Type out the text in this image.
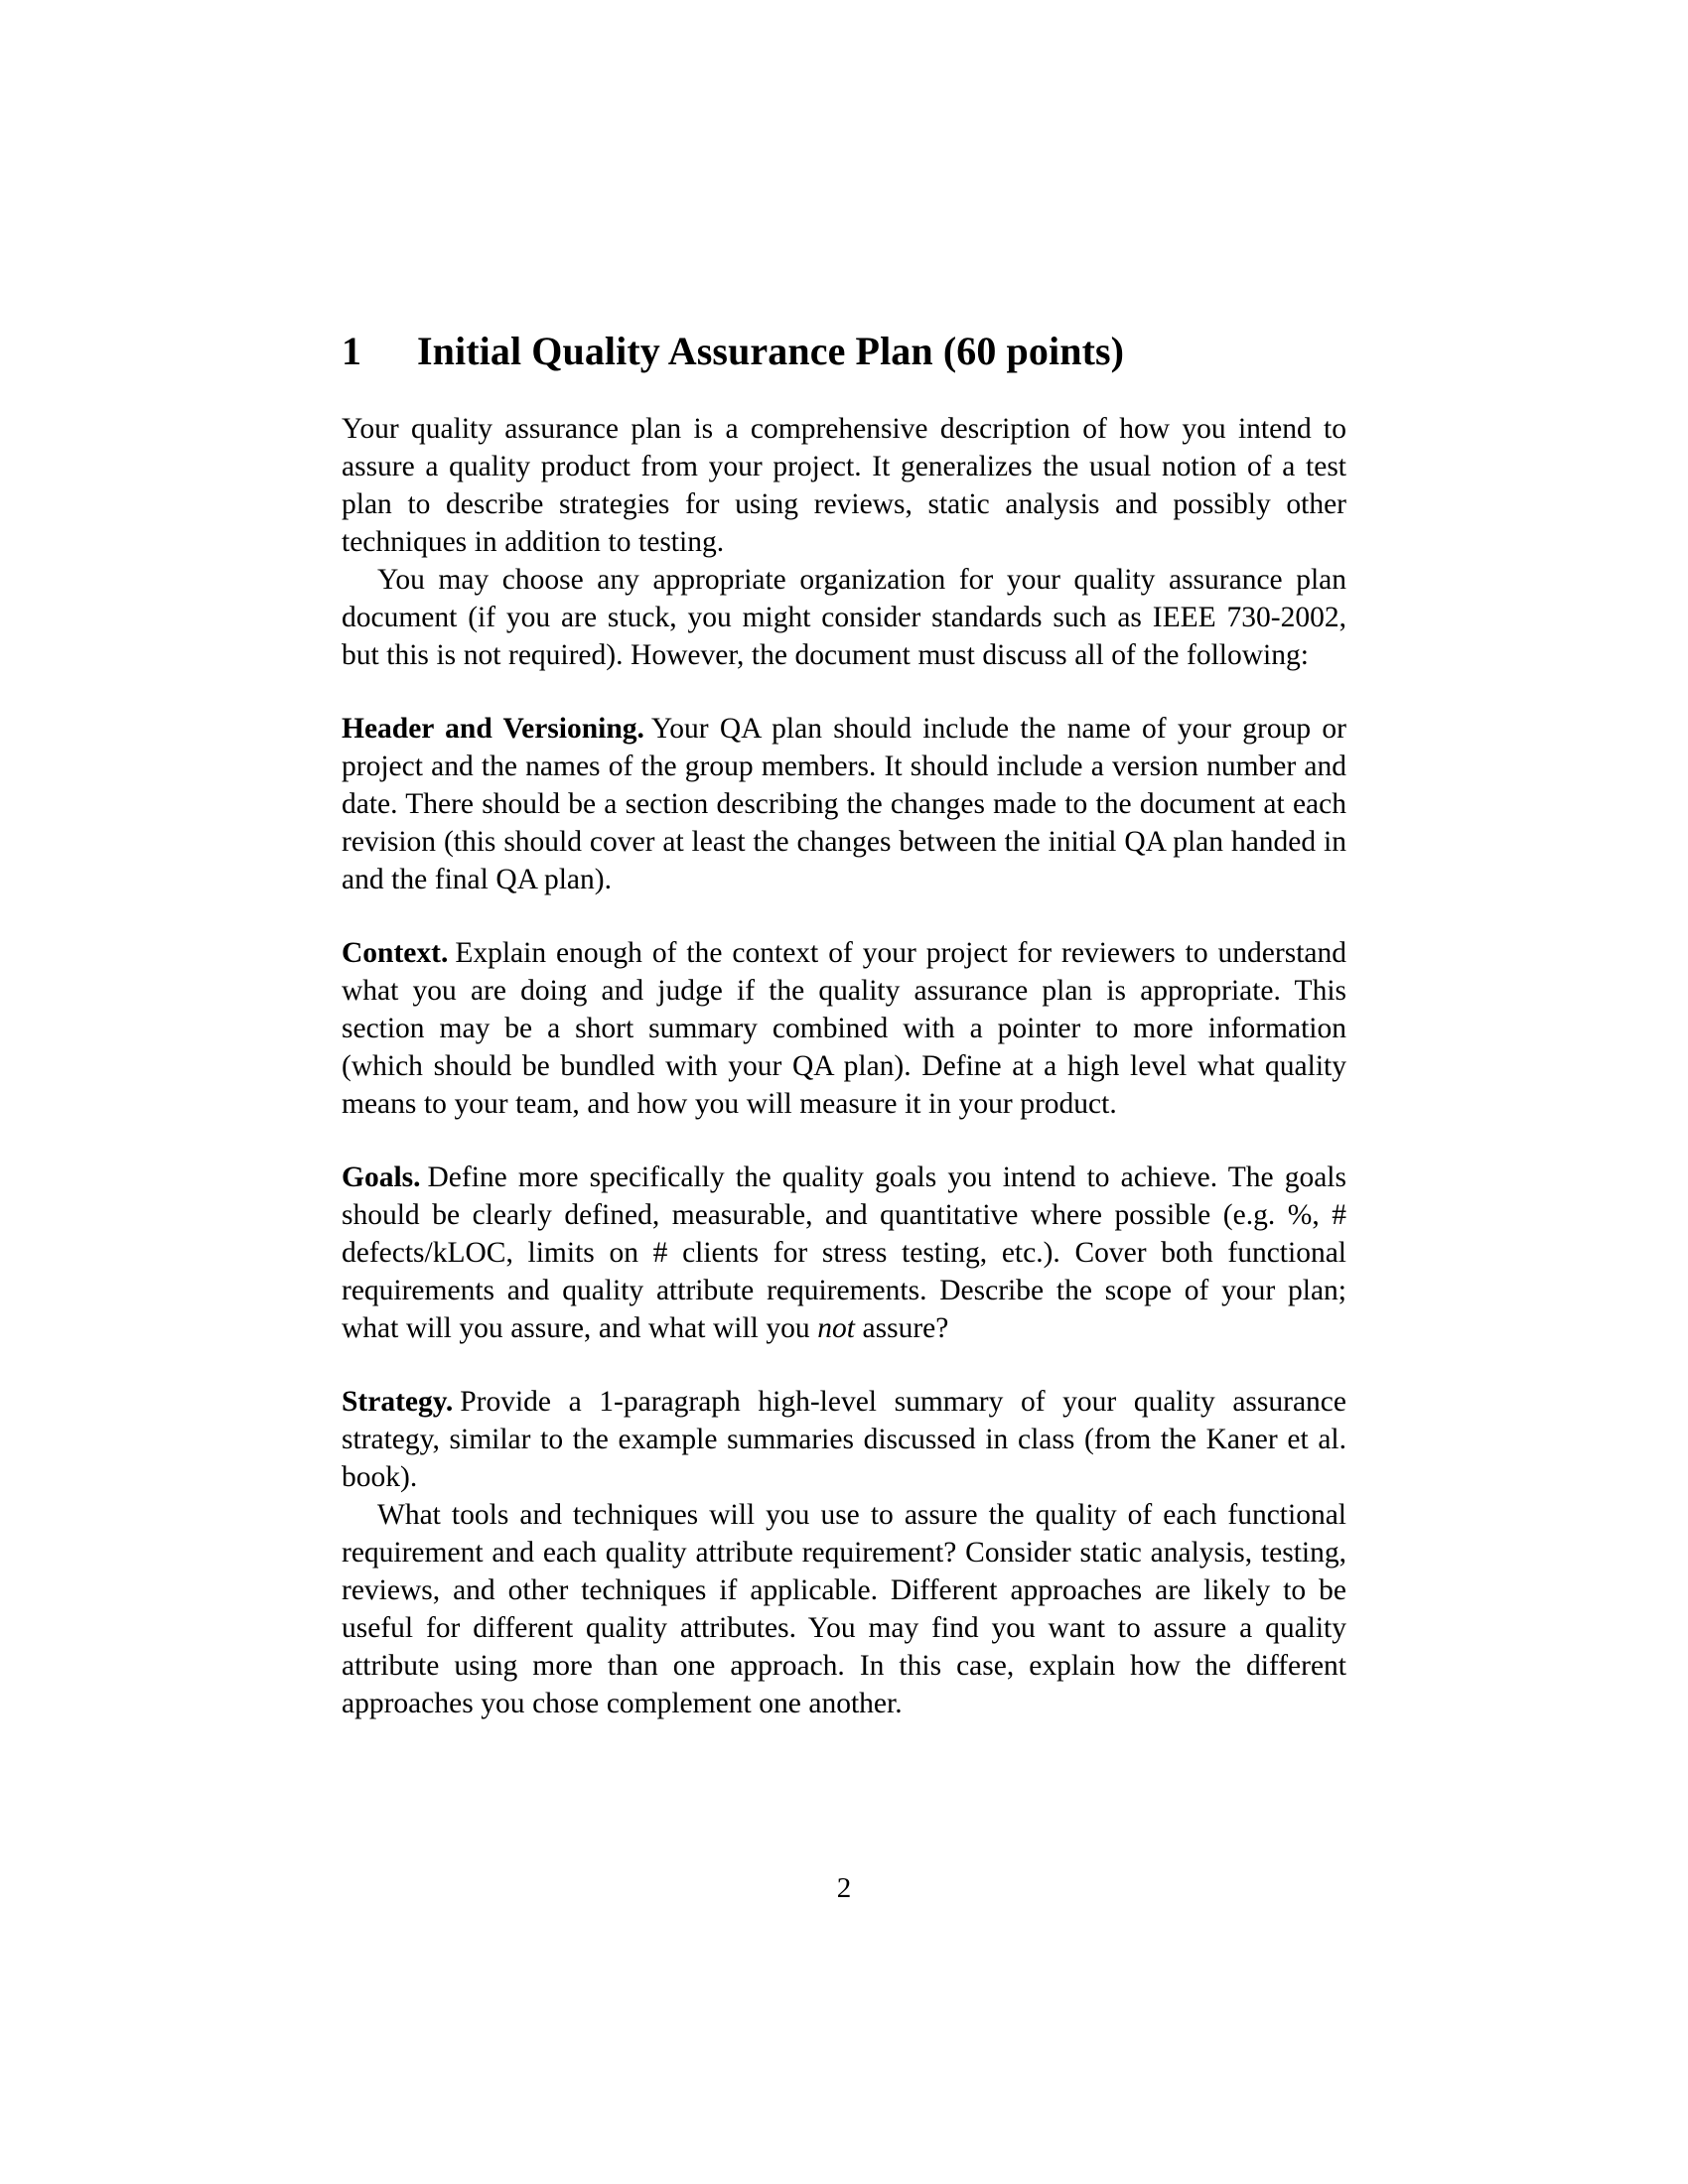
1 Initial Quality Assurance Plan (60 points)

Your quality assurance plan is a comprehensive description of how you intend to assure a quality product from your project. It generalizes the usual notion of a test plan to describe strategies for using reviews, static analysis and possibly other techniques in addition to testing.

You may choose any appropriate organization for your quality assurance plan document (if you are stuck, you might consider standards such as IEEE 730-2002, but this is not required). However, the document must discuss all of the following:

Header and Versioning. Your QA plan should include the name of your group or project and the names of the group members. It should include a version number and date. There should be a section describing the changes made to the document at each revision (this should cover at least the changes between the initial QA plan handed in and the final QA plan).

Context. Explain enough of the context of your project for reviewers to understand what you are doing and judge if the quality assurance plan is appropriate. This section may be a short summary combined with a pointer to more information (which should be bundled with your QA plan). Define at a high level what quality means to your team, and how you will measure it in your product.

Goals. Define more specifically the quality goals you intend to achieve. The goals should be clearly defined, measurable, and quantitative where possible (e.g. %, # defects/kLOC, limits on # clients for stress testing, etc.). Cover both functional requirements and quality attribute requirements. Describe the scope of your plan; what will you assure, and what will you not assure?

Strategy. Provide a 1-paragraph high-level summary of your quality assurance strategy, similar to the example summaries discussed in class (from the Kaner et al. book).

What tools and techniques will you use to assure the quality of each functional requirement and each quality attribute requirement? Consider static analysis, testing, reviews, and other techniques if applicable. Different approaches are likely to be useful for different quality attributes. You may find you want to assure a quality attribute using more than one approach. In this case, explain how the different approaches you chose complement one another.

2
